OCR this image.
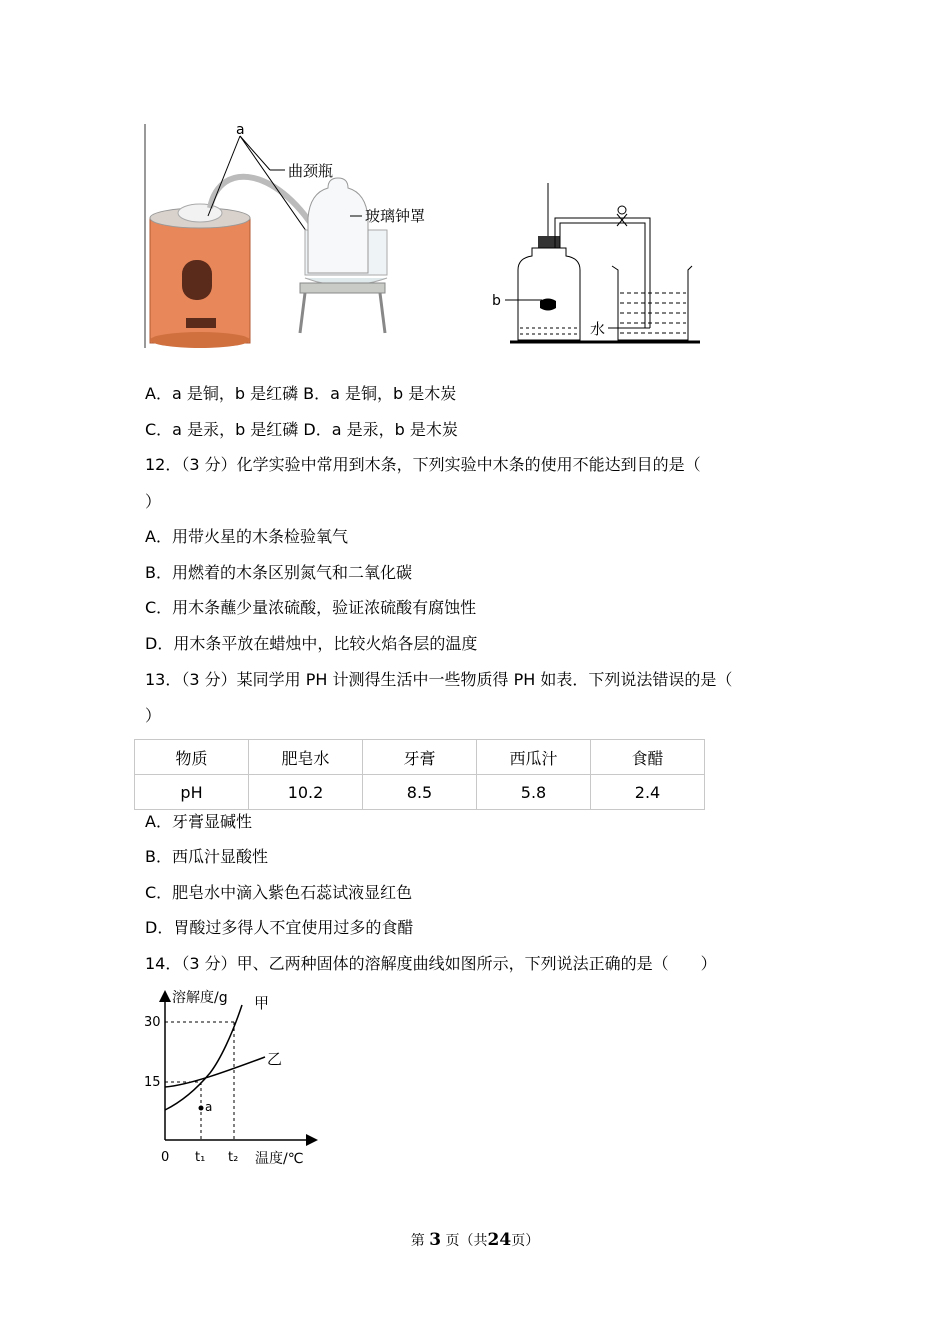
a
曲颈瓶
玻璃钟罩
b
水
A．a 是铜，b 是红磷 B．a 是铜，b 是木炭
C．a 是汞，b 是红磷 D．a 是汞，b 是木炭
12．（3 分）化学实验中常用到木条，下列实验中木条的使用不能达到目的是（
）
A．用带火星的木条检验氧气
B．用燃着的木条区别氮气和二氧化碳
C．用木条蘸少量浓硫酸，验证浓硫酸有腐蚀性
D．用木条平放在蜡烛中，比较火焰各层的温度
13．（3 分）某同学用 PH 计测得生活中一些物质得 PH 如表．下列说法错误的是（
）
物质	肥皂水	牙膏	西瓜汁	食醋
pH	10.2	8.5	5.8	2.4
A．牙膏显碱性
B．西瓜汁显酸性
C．肥皂水中滴入紫色石蕊试液显红色
D．胃酸过多得人不宜使用过多的食醋
14．（3 分）甲、乙两种固体的溶解度曲线如图所示，下列说法正确的是（　　）
a
溶解度/g 甲
乙
30
15
0 t₁ t₂ 温度/℃
第 3 页（共24页）
